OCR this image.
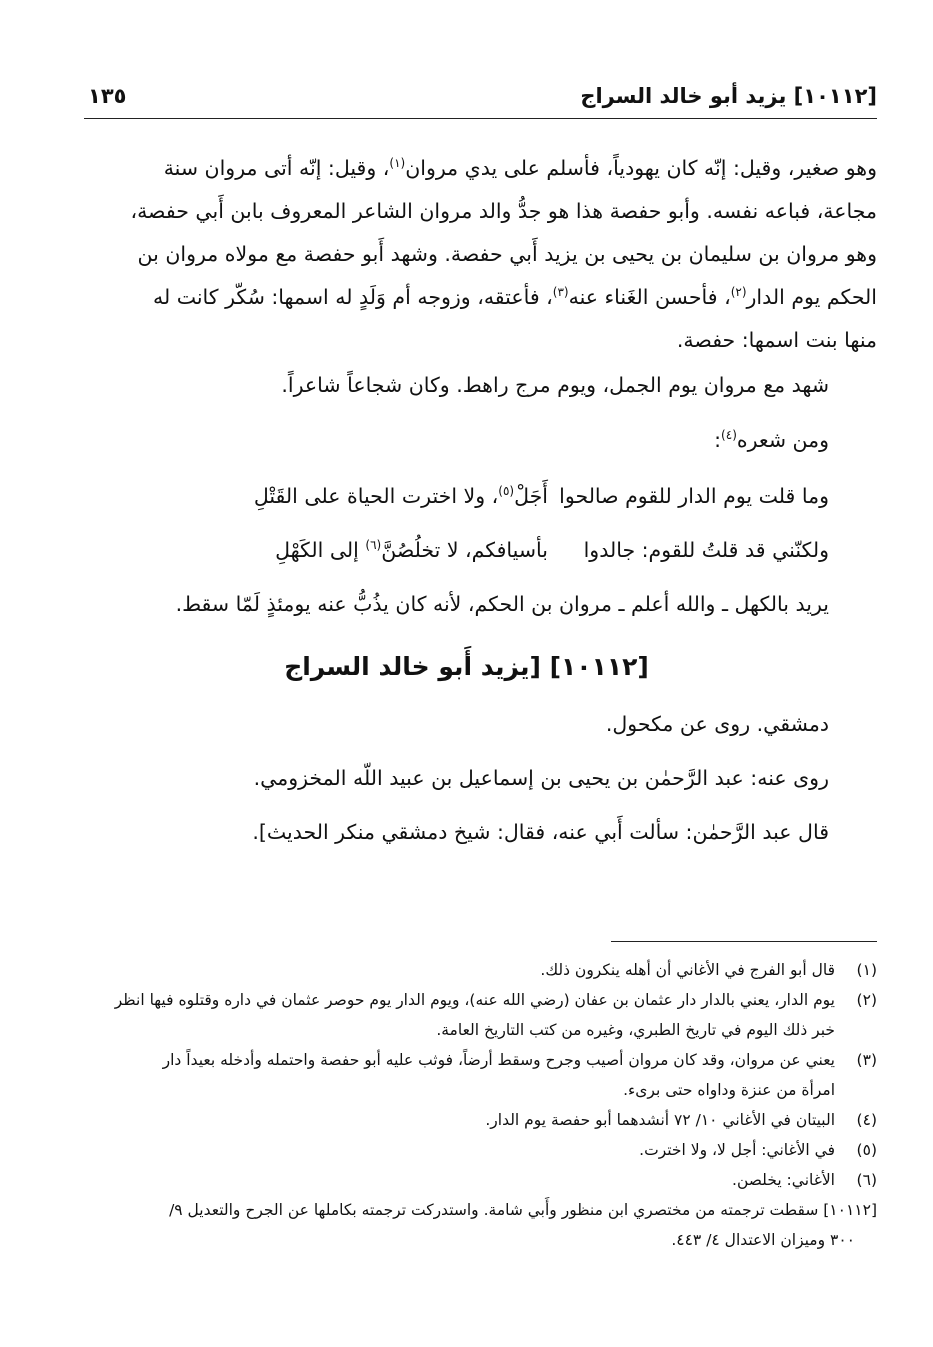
[١٠١١٢] يزيد أبو خالد السراج
١٣٥
وهو صغير، وقيل: إنّه كان يهودياً، فأسلم على يدي مروان$^{(١)}$، وقيل: إنّه أتى مروان سنة
مجاعة، فباعه نفسه. وأبو حفصة هذا هو جدُّ والد مروان الشاعر المعروف بابن أَبي حفصة،
وهو مروان بن سليمان بن يحيى بن يزيد أَبي حفصة. وشهد أَبو حفصة مع مولاه مروان بن
الحكم يوم الدار$^{(٢)}$، فأحسن الغَناء عنه$^{(٣)}$، فأعتقه، وزوجه أم وَلَدٍ له اسمها: سُكّر كانت له
منها بنت اسمها: حفصة.
شهد مع مروان يوم الجمل، ويوم مرج راهط. وكان شجاعاً شاعراً.
ومن شعره$^{(٤)}$:
وما قلت يوم الدار للقوم صالحوا
أَجَلْ$^{(٥)}$، ولا اخترت الحياة على القَتْلِ
ولكنّني قد قلتُ للقوم: جالدوا
بأسيافكم، لا تخلُصُنَّ$^{(٦)}$ إلى الكَهْلِ
يريد بالكهل ـ والله أعلم ـ مروان بن الحكم، لأنه كان يذُبُّ عنه يومئذٍ لَمّا سقط.
[١٠١١٢] [يزيد أَبو خالد السراج
دمشقي. روى عن مكحول.
روى عنه: عبد الرَّحمٰن بن يحيى بن إسماعيل بن عبيد اللّه المخزومي.
قال عبد الرَّحمٰن: سألت أَبي عنه، فقال: شيخ دمشقي منكر الحديث].
(١)قال أبو الفرج في الأغاني أن أهله ينكرون ذلك.
(٢)يوم الدار، يعني بالدار دار عثمان بن عفان (رضي الله عنه)، ويوم الدار يوم حوصر عثمان في داره وقتلوه فيها انظر
خبر ذلك اليوم في تاريخ الطبري، وغيره من كتب التاريخ العامة.
(٣)يعني عن مروان، وقد كان مروان أصيب وجرح وسقط أرضاً، فوثب عليه أبو حفصة واحتمله وأدخله بعيداً دار
امرأة من عنزة وداواه حتى برىء.
(٤)البيتان في الأغاني ١٠/ ٧٢ أنشدهما أبو حفصة يوم الدار.
(٥)في الأغاني: أجل لا، ولا اخترت.
(٦)الأغاني: يخلصن.
[١٠١١٢] سقطت ترجمته من مختصري ابن منظور وأَبي شامة. واستدركت ترجمته بكاملها عن الجرح والتعديل ٩/
٣٠٠ وميزان الاعتدال ٤/ ٤٤٣.
